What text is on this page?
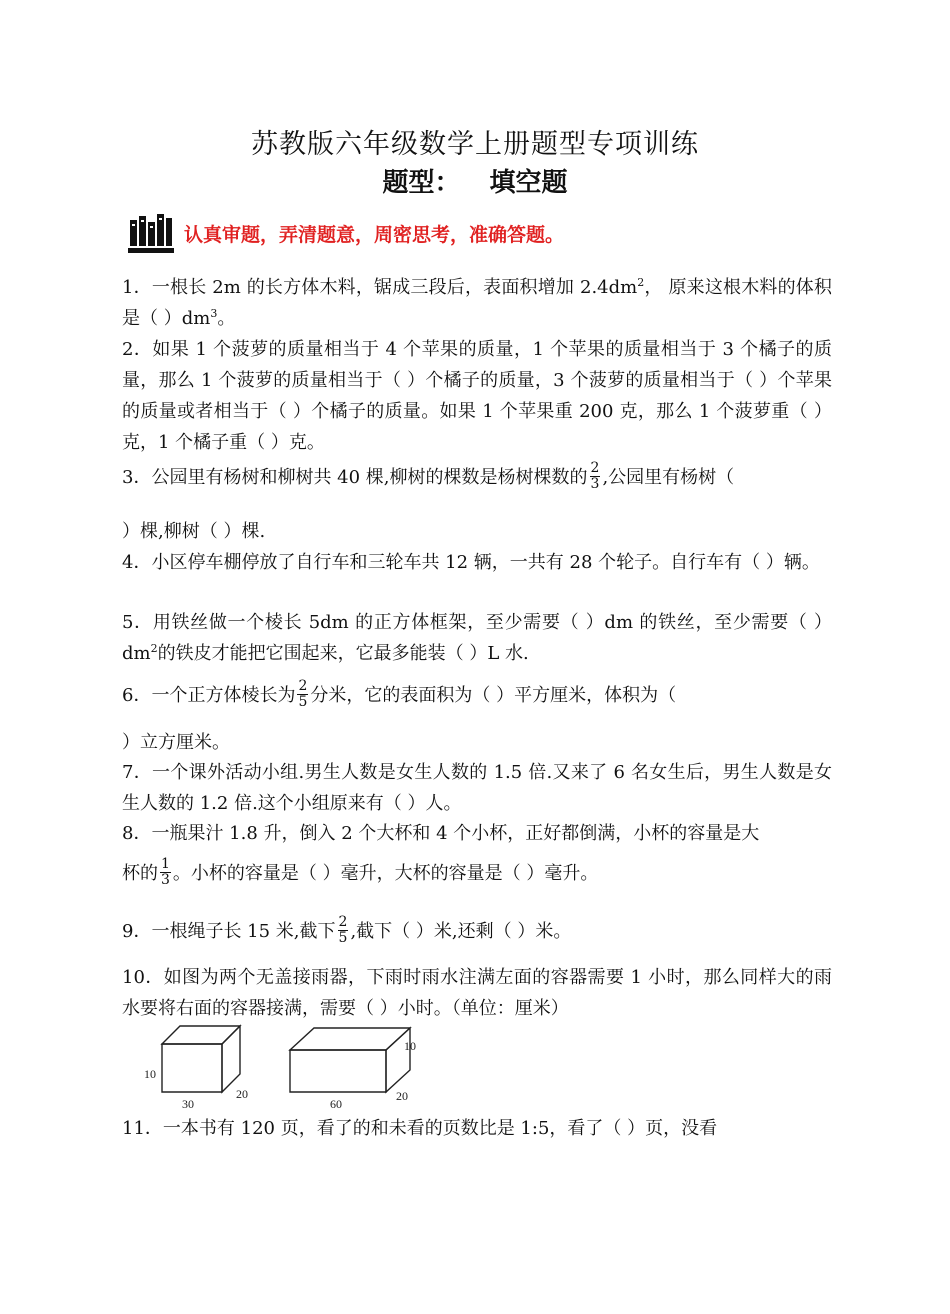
苏教版六年级数学上册题型专项训练
题型： 填空题
认真审题，弄清题意，周密思考，准确答题。
1．一根长 2m 的长方体木料，锯成三段后，表面积增加 $2.4dm^2$， 原来这根木料的体积是（ ）$dm^3$。
2．如果 1 个菠萝的质量相当于 4 个苹果的质量，1 个苹果的质量相当于 3 个橘子的质量，那么 1 个菠萝的质量相当于（ ）个橘子的质量，3 个菠萝的质量相当于（ ）个苹果的质量或者相当于（ ）个橘子的质量。如果 1 个苹果重 200 克，那么 1 个菠萝重（ ）克，1 个橘子重（ ）克。
3．公园里有杨树和柳树共 40 棵,柳树的棵数是杨树棵数的 $\frac{2}{3}$ ,公园里有杨树（
）棵,柳树（ ）棵.
4．小区停车棚停放了自行车和三轮车共 12 辆，一共有 28 个轮子。自行车有（ ）辆。
5．用铁丝做一个棱长 5dm 的正方体框架，至少需要（ ）dm 的铁丝，至少需要（ ）$dm^2$的铁皮才能把它围起来，它最多能装（ ）L 水.
6．一个正方体棱长为 $\frac{2}{5}$ 分米，它的表面积为（ ）平方厘米，体积为（
）立方厘米。
7．一个课外活动小组.男生人数是女生人数的 1.5 倍.又来了 6 名女生后，男生人数是女生人数的 1.2 倍.这个小组原来有（ ）人。
8．一瓶果汁 1.8 升，倒入 2 个大杯和 4 个小杯，正好都倒满，小杯的容量是大
杯的 $\frac{1}{3}$ 。小杯的容量是（ ）毫升，大杯的容量是（ ）毫升。
9．一根绳子长 15 米,截下 $\frac{2}{5}$ ,截下（ ）米,还剩（ ）米。
10．如图为两个无盖接雨器，下雨时雨水注满左面的容器需要 1 小时，那么同样大的雨水要将右面的容器接满，需要（ ）小时。（单位：厘米）
10
20
30
10
20
60
11．一本书有 120 页，看了的和未看的页数比是 1:5，看了（ ）页，没看
